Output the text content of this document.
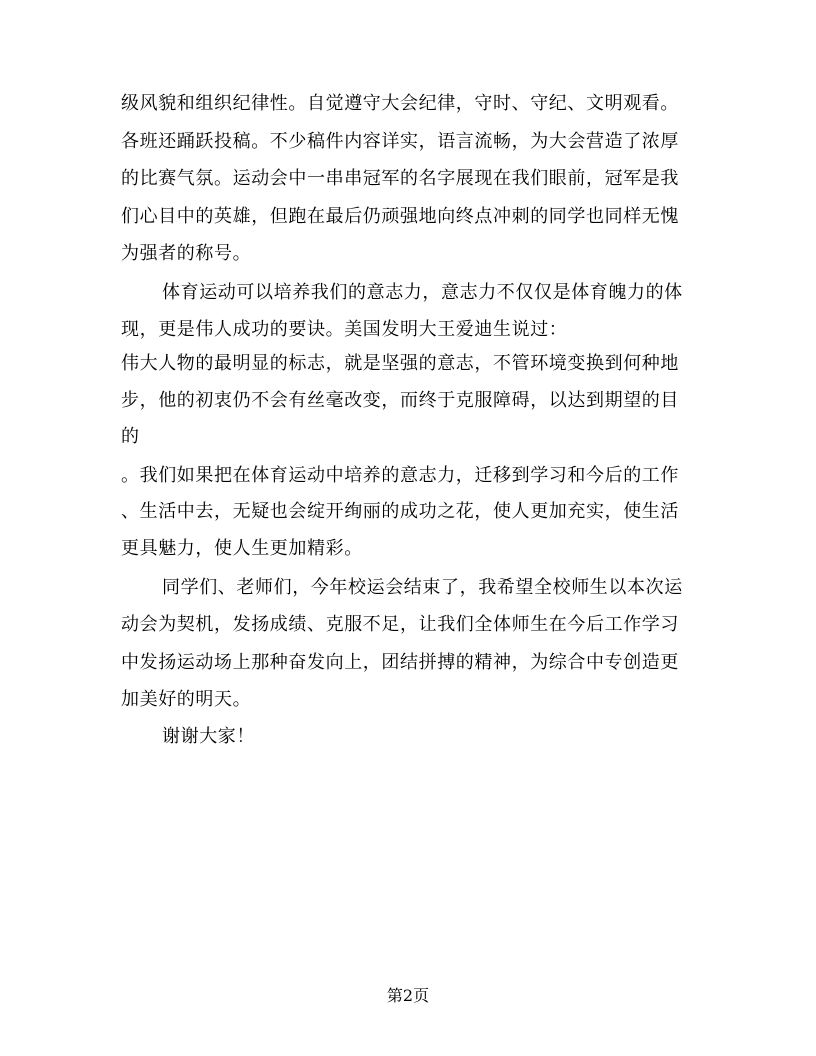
级风貌和组织纪律性。自觉遵守大会纪律，守时、守纪、文明观看。
各班还踊跃投稿。不少稿件内容详实，语言流畅，为大会营造了浓厚
的比赛气氛。运动会中一串串冠军的名字展现在我们眼前，冠军是我
们心目中的英雄，但跑在最后仍顽强地向终点冲刺的同学也同样无愧
为强者的称号。
体育运动可以培养我们的意志力，意志力不仅仅是体育魄力的体
现，更是伟人成功的要诀。美国发明大王爱迪生说过：
伟大人物的最明显的标志，就是坚强的意志，不管环境变换到何种地
步，他的初衷仍不会有丝毫改变，而终于克服障碍，以达到期望的目
的
。我们如果把在体育运动中培养的意志力，迁移到学习和今后的工作
、生活中去，无疑也会绽开绚丽的成功之花，使人更加充实，使生活
更具魅力，使人生更加精彩。
同学们、老师们，今年校运会结束了，我希望全校师生以本次运
动会为契机，发扬成绩、克服不足，让我们全体师生在今后工作学习
中发扬运动场上那种奋发向上，团结拼搏的精神，为综合中专创造更
加美好的明天。
谢谢大家！
第2页
